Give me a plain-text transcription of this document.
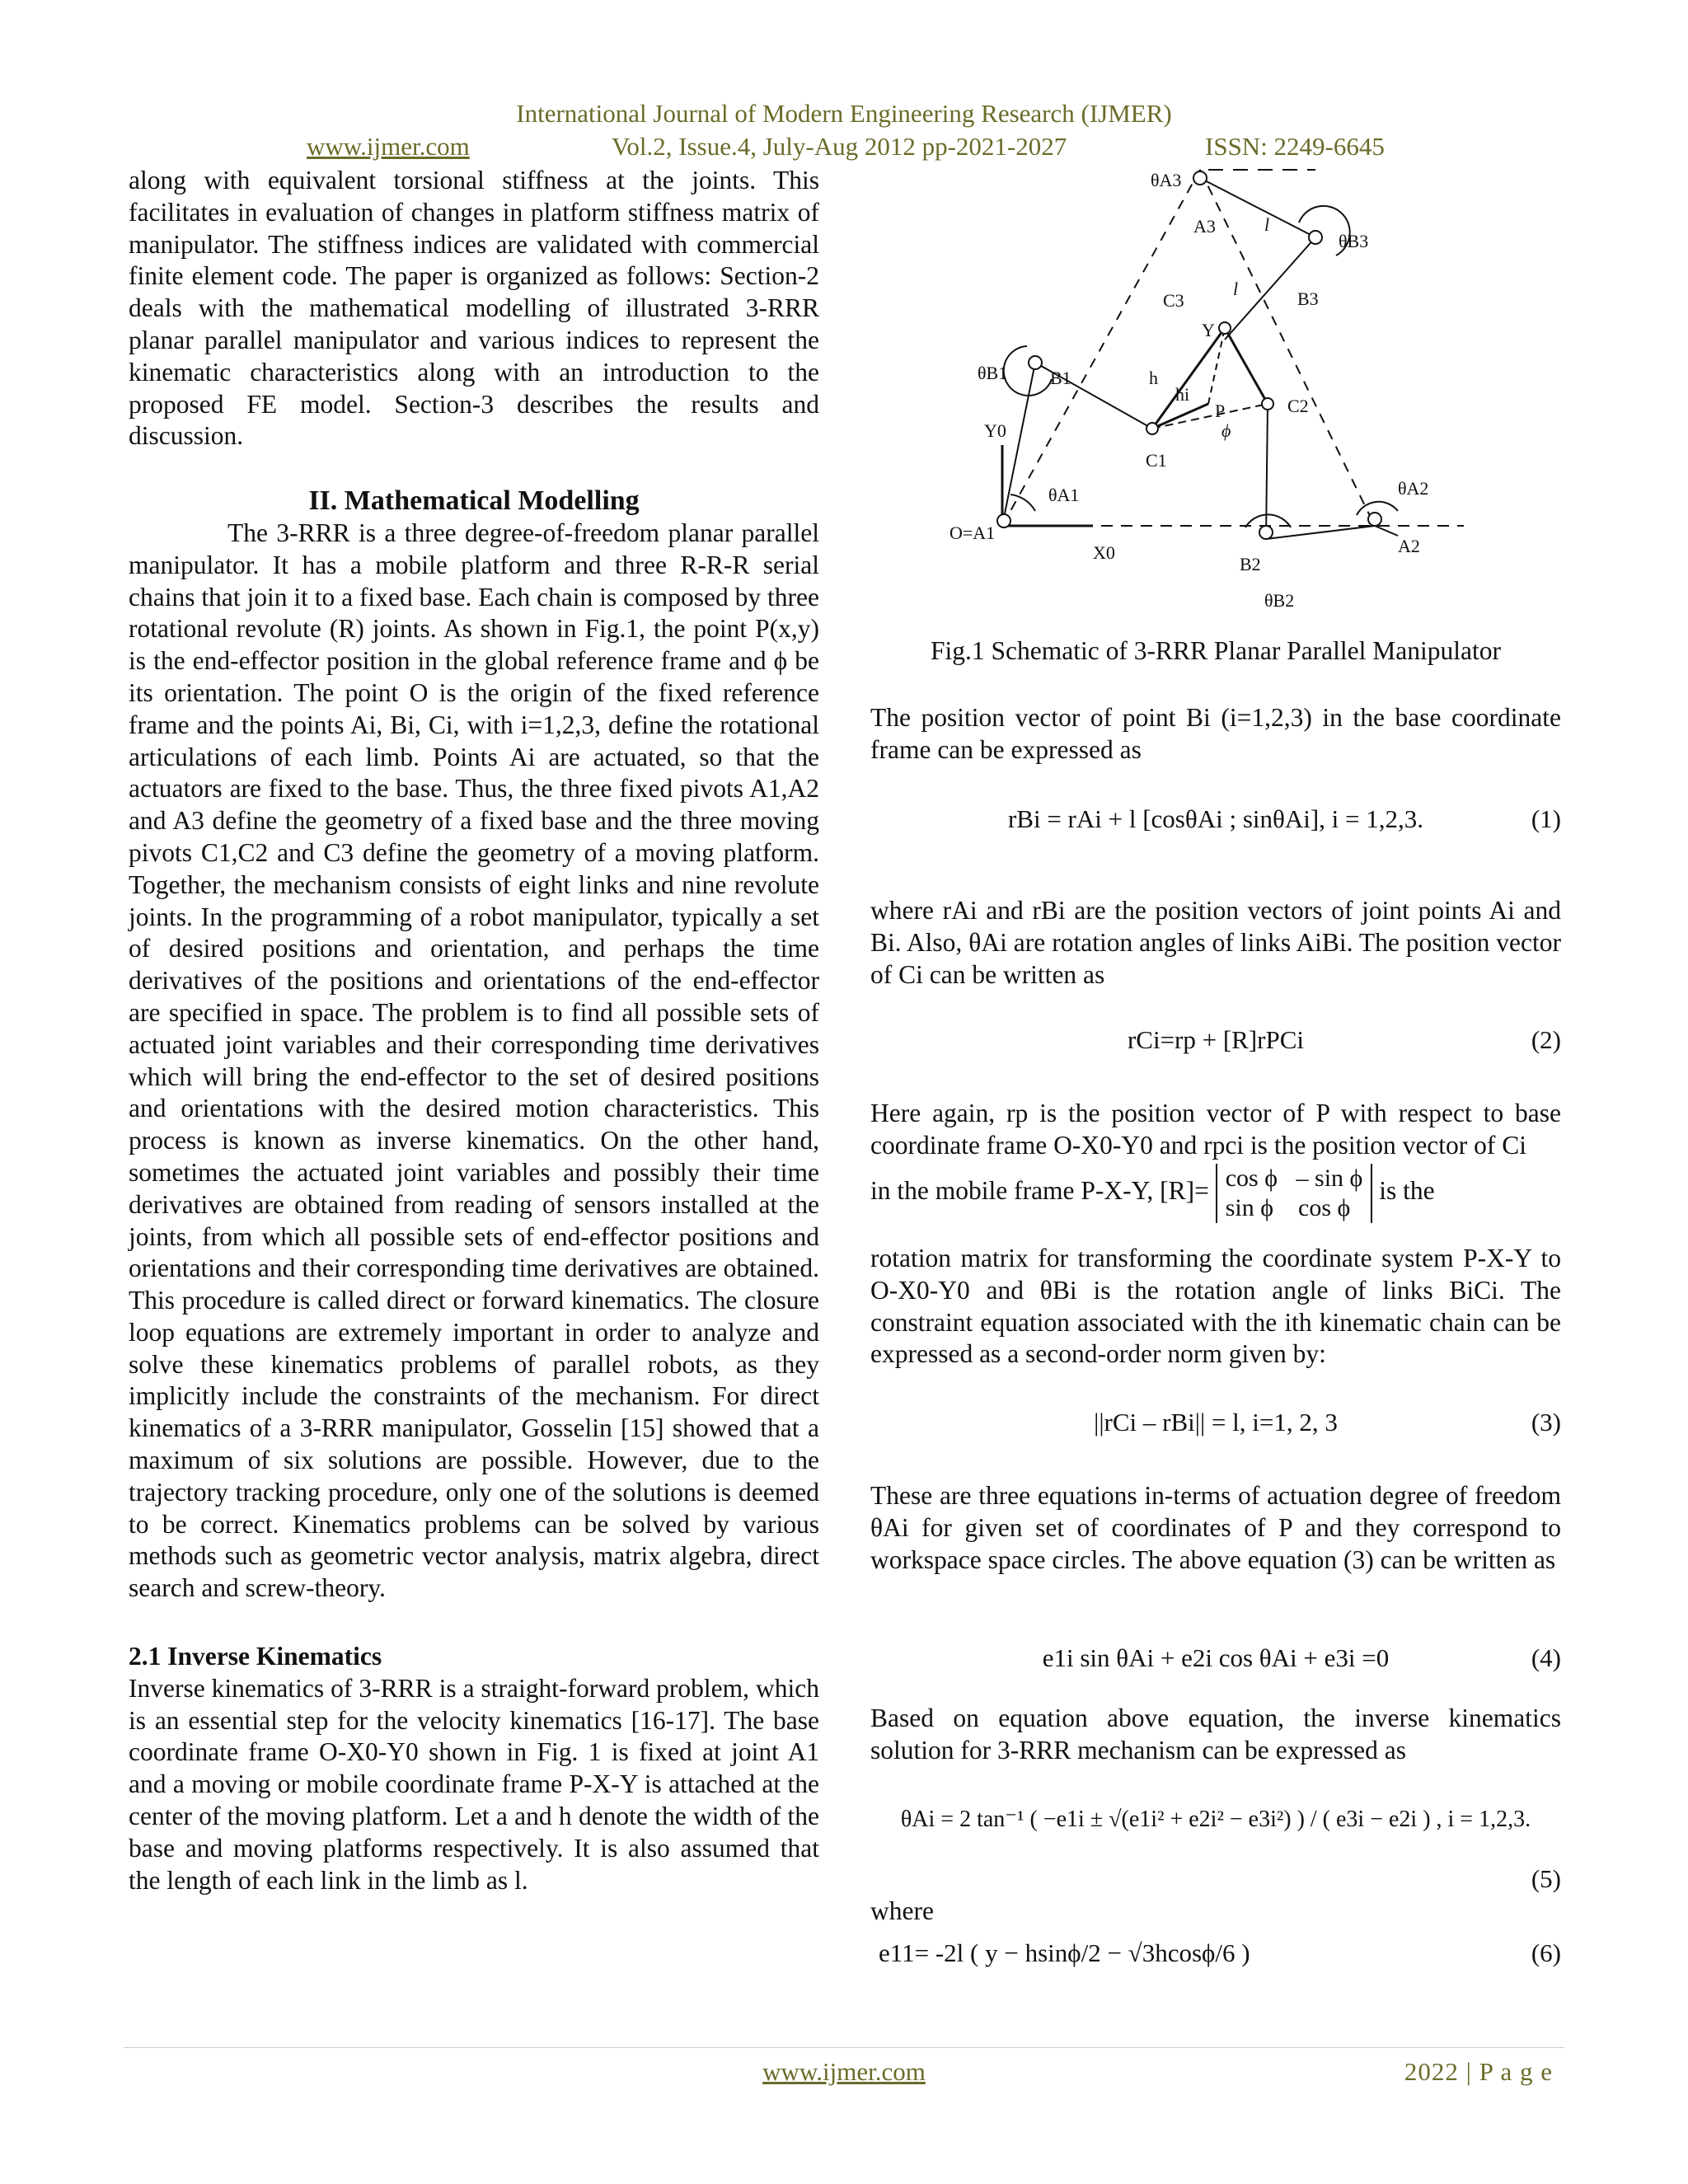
International Journal of Modern Engineering Research (IJMER)
www.ijmer.com	Vol.2, Issue.4, July-Aug 2012 pp-2021-2027	ISSN: 2249-6645

along with equivalent torsional stiffness at the joints. This facilitates in evaluation of changes in platform stiffness matrix of manipulator. The stiffness indices are validated with commercial finite element code. The paper is organized as follows: Section-2 deals with the mathematical modelling of illustrated 3-RRR planar parallel manipulator and various indices to represent the kinematic characteristics along with an introduction to the proposed FE model. Section-3 describes the results and discussion.

II. Mathematical Modelling

The 3-RRR is a three degree-of-freedom planar parallel manipulator. It has a mobile platform and three R-R-R serial chains that join it to a fixed base. Each chain is composed by three rotational revolute (R) joints. As shown in Fig.1, the point P(x,y) is the end-effector position in the global reference frame and ϕ be its orientation. The point O is the origin of the fixed reference frame and the points Ai, Bi, Ci, with i=1,2,3, define the rotational articulations of each limb. Points Ai are actuated, so that the actuators are fixed to the base. Thus, the three fixed pivots A1,A2 and A3 define the geometry of a fixed base and the three moving pivots C1,C2 and C3 define the geometry of a moving platform. Together, the mechanism consists of eight links and nine revolute joints. In the programming of a robot manipulator, typically a set of desired positions and orientation, and perhaps the time derivatives of the positions and orientations of the end-effector are specified in space. The problem is to find all possible sets of actuated joint variables and their corresponding time derivatives which will bring the end-effector to the set of desired positions and orientations with the desired motion characteristics. This process is known as inverse kinematics. On the other hand, sometimes the actuated joint variables and possibly their time derivatives are obtained from reading of sensors installed at the joints, from which all possible sets of end-effector positions and orientations and their corresponding time derivatives are obtained. This procedure is called direct or forward kinematics. The closure loop equations are extremely important in order to analyze and solve these kinematics problems of parallel robots, as they implicitly include the constraints of the mechanism. For direct kinematics of a 3-RRR manipulator, Gosselin [15] showed that a maximum of six solutions are possible. However, due to the trajectory tracking procedure, only one of the solutions is deemed to be correct. Kinematics problems can be solved by various methods such as geometric vector analysis, matrix algebra, direct search and screw-theory.

2.1 Inverse Kinematics

Inverse kinematics of 3-RRR is a straight-forward problem, which is an essential step for the velocity kinematics [16-17]. The base coordinate frame O-X0-Y0 shown in Fig. 1 is fixed at joint A1 and a moving or mobile coordinate frame P-X-Y is attached at the center of the moving platform. Let a and h denote the width of the base and moving platforms respectively. It is also assumed that the length of each link in the limb as l.

θA3
A3	l
θB3
l	B3
C3
Y
θB1 B1	h
hi
P	C2
ϕ
Y0
C1
θA1	θA2
O=A1
X0
B2
A2
θB2
Fig.1 Schematic of 3-RRR Planar Parallel Manipulator
The position vector of point Bi (i=1,2,3) in the base coordinate frame can be expressed as
rBi = rAi + l [cosθAi ; sinθAi], i = 1,2,3.	(1)
where rAi and rBi are the position vectors of joint points Ai and Bi. Also, θAi are rotation angles of links AiBi. The position vector of Ci can be written as
rCi=rp + [R]rPCi	(2)
Here again, rp is the position vector of P with respect to base coordinate frame O-X0-Y0 and rpci is the position vector of Ci
in the mobile frame P-X-Y, [R]= cos ϕ – sin ϕ
sin ϕ cos ϕ is the
rotation matrix for transforming the coordinate system P-X-Y to O-X0-Y0 and θBi is the rotation angle of links BiCi. The constraint equation associated with the ith kinematic chain can be expressed as a second-order norm given by:
||rCi – rBi|| = l, i=1, 2, 3	(3)
These are three equations in-terms of actuation degree of freedom θAi for given set of coordinates of P and they correspond to workspace space circles. The above equation (3) can be written as
e1i sin θAi + e2i cos θAi + e3i =0	(4)
Based on equation above equation, the inverse kinematics solution for 3-RRR mechanism can be expressed as
θAi = 2 tan⁻¹ ( −e1i ± √(e1i² + e2i² − e3i²) ) / ( e3i − e2i ) , i = 1,2,3.
(5)
where
e11= -2l ( y − hsinϕ/2 − √3hcosϕ/6 )	(6)
www.ijmer.com	2022 | P a g e
